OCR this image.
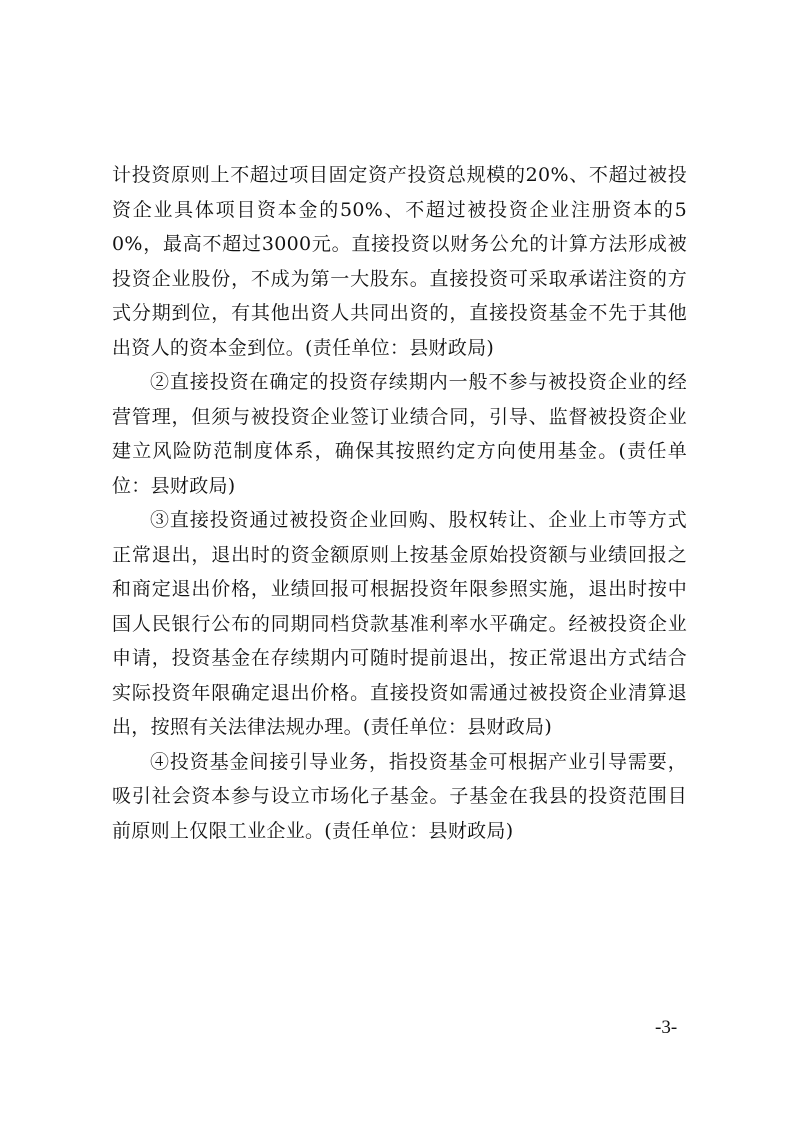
计投资原则上不超过项目固定资产投资总规模的20%、不超过被投资企业具体项目资本金的50%、不超过被投资企业注册资本的50%，最高不超过3000元。直接投资以财务公允的计算方法形成被投资企业股份，不成为第一大股东。直接投资可采取承诺注资的方式分期到位，有其他出资人共同出资的，直接投资基金不先于其他出资人的资本金到位。(责任单位：县财政局)

②直接投资在确定的投资存续期内一般不参与被投资企业的经营管理，但须与被投资企业签订业绩合同，引导、监督被投资企业建立风险防范制度体系，确保其按照约定方向使用基金。(责任单位：县财政局)

③直接投资通过被投资企业回购、股权转让、企业上市等方式正常退出，退出时的资金额原则上按基金原始投资额与业绩回报之和商定退出价格，业绩回报可根据投资年限参照实施，退出时按中国人民银行公布的同期同档贷款基准利率水平确定。经被投资企业申请，投资基金在存续期内可随时提前退出，按正常退出方式结合实际投资年限确定退出价格。直接投资如需通过被投资企业清算退出，按照有关法律法规办理。(责任单位：县财政局)

④投资基金间接引导业务，指投资基金可根据产业引导需要，吸引社会资本参与设立市场化子基金。子基金在我县的投资范围目前原则上仅限工业企业。(责任单位：县财政局)

-3-
